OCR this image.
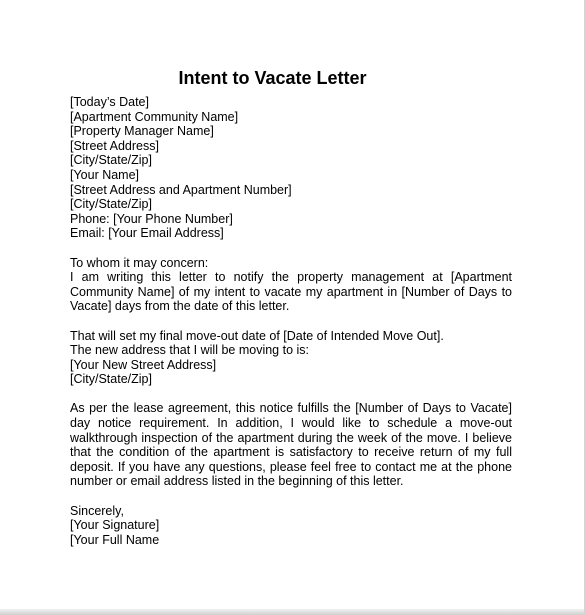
Intent to Vacate Letter
[Today’s Date]
[Apartment Community Name]
[Property Manager Name]
[Street Address]
[City/State/Zip]
[Your Name]
[Street Address and Apartment Number]
[City/State/Zip]
Phone: [Your Phone Number]
Email: [Your Email Address]
To whom it may concern:

I am writing this letter to notify the property management at [Apartment Community Name] of my intent to vacate my apartment in [Number of Days to Vacate] days from the date of this letter.

That will set my final move-out date of [Date of Intended Move Out].
The new address that I will be moving to is:
[Your New Street Address]
[City/State/Zip]

As per the lease agreement, this notice fulfills the [Number of Days to Vacate] day notice requirement. In addition, I would like to schedule a move-out walkthrough inspection of the apartment during the week of the move. I believe that the condition of the apartment is satisfactory to receive return of my full deposit. If you have any questions, please feel free to contact me at the phone number or email address listed in the beginning of this letter.

Sincerely,
[Your Signature]
[Your Full Name
